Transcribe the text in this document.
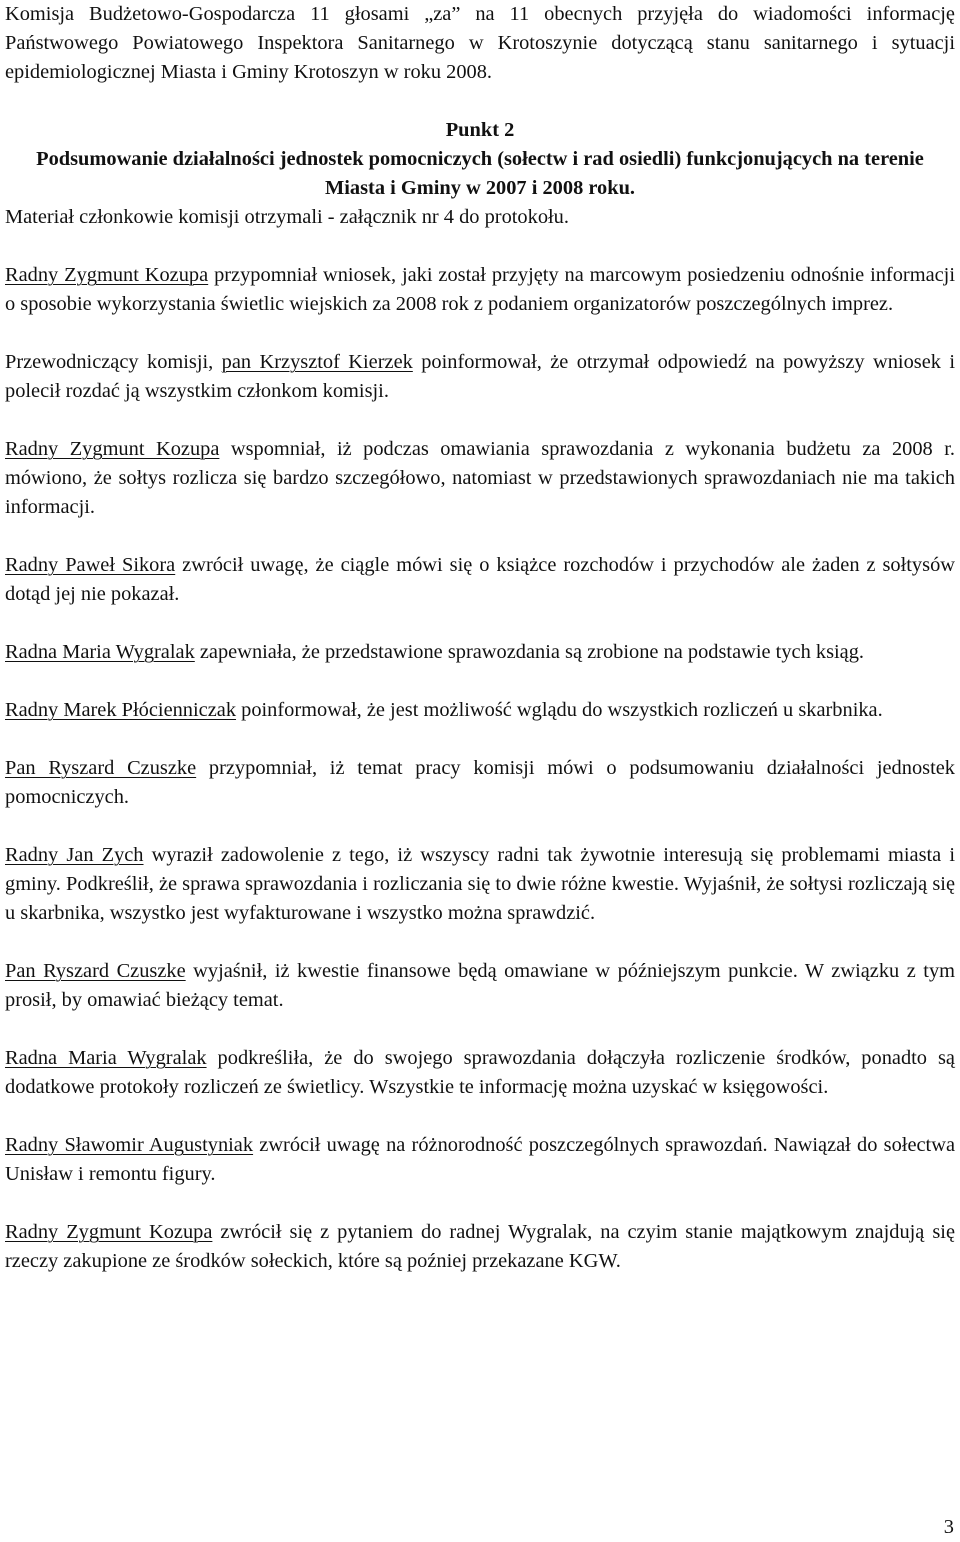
Komisja Budżetowo-Gospodarcza 11 głosami „za” na 11 obecnych przyjęła do wiadomości informację Państwowego Powiatowego Inspektora Sanitarnego w Krotoszynie dotyczącą stanu sanitarnego i sytuacji epidemiologicznej Miasta i Gminy Krotoszyn w roku 2008.

Punkt 2

Podsumowanie działalności jednostek pomocniczych (sołectw i rad osiedli) funkcjonujących na terenie Miasta i Gminy w 2007 i 2008 roku.

Materiał członkowie komisji otrzymali - załącznik nr 4 do protokołu.

Radny Zygmunt Kozupa przypomniał wniosek, jaki został przyjęty na marcowym posiedzeniu odnośnie informacji o sposobie wykorzystania świetlic wiejskich za 2008 rok z podaniem organizatorów poszczególnych imprez.

Przewodniczący komisji, pan Krzysztof Kierzek poinformował, że otrzymał odpowiedź na powyższy wniosek i polecił rozdać ją wszystkim członkom komisji.

Radny Zygmunt Kozupa wspomniał, iż podczas omawiania sprawozdania z wykonania budżetu za 2008 r. mówiono, że sołtys rozlicza się bardzo szczegółowo, natomiast w przedstawionych sprawozdaniach nie ma takich informacji.

Radny Paweł Sikora zwrócił uwagę, że ciągle mówi się o książce rozchodów i przychodów ale żaden z sołtysów dotąd jej nie pokazał.

Radna Maria Wygralak zapewniała, że przedstawione sprawozdania są zrobione na podstawie tych ksiąg.

Radny Marek Płócienniczak poinformował, że jest możliwość wglądu do wszystkich rozliczeń u skarbnika.

Pan Ryszard Czuszke przypomniał, iż temat pracy komisji mówi o podsumowaniu działalności jednostek pomocniczych.

Radny Jan Zych wyraził zadowolenie z tego, iż wszyscy radni tak żywotnie interesują się problemami miasta i gminy. Podkreślił, że sprawa sprawozdania i rozliczania się to dwie różne kwestie. Wyjaśnił, że sołtysi rozliczają się u skarbnika, wszystko jest wyfakturowane i wszystko można sprawdzić.

Pan Ryszard Czuszke wyjaśnił, iż kwestie finansowe będą omawiane w późniejszym punkcie. W związku z tym prosił, by omawiać bieżący temat.

Radna Maria Wygralak podkreśliła, że do swojego sprawozdania dołączyła rozliczenie środków, ponadto są dodatkowe protokoły rozliczeń ze świetlicy. Wszystkie te informację można uzyskać w księgowości.

Radny Sławomir Augustyniak zwrócił uwagę na różnorodność poszczególnych sprawozdań. Nawiązał do sołectwa Unisław i remontu figury.

Radny Zygmunt Kozupa zwrócił się z pytaniem do radnej Wygralak, na czyim stanie majątkowym znajdują się rzeczy zakupione ze środków sołeckich, które są poźniej przekazane KGW.

3
